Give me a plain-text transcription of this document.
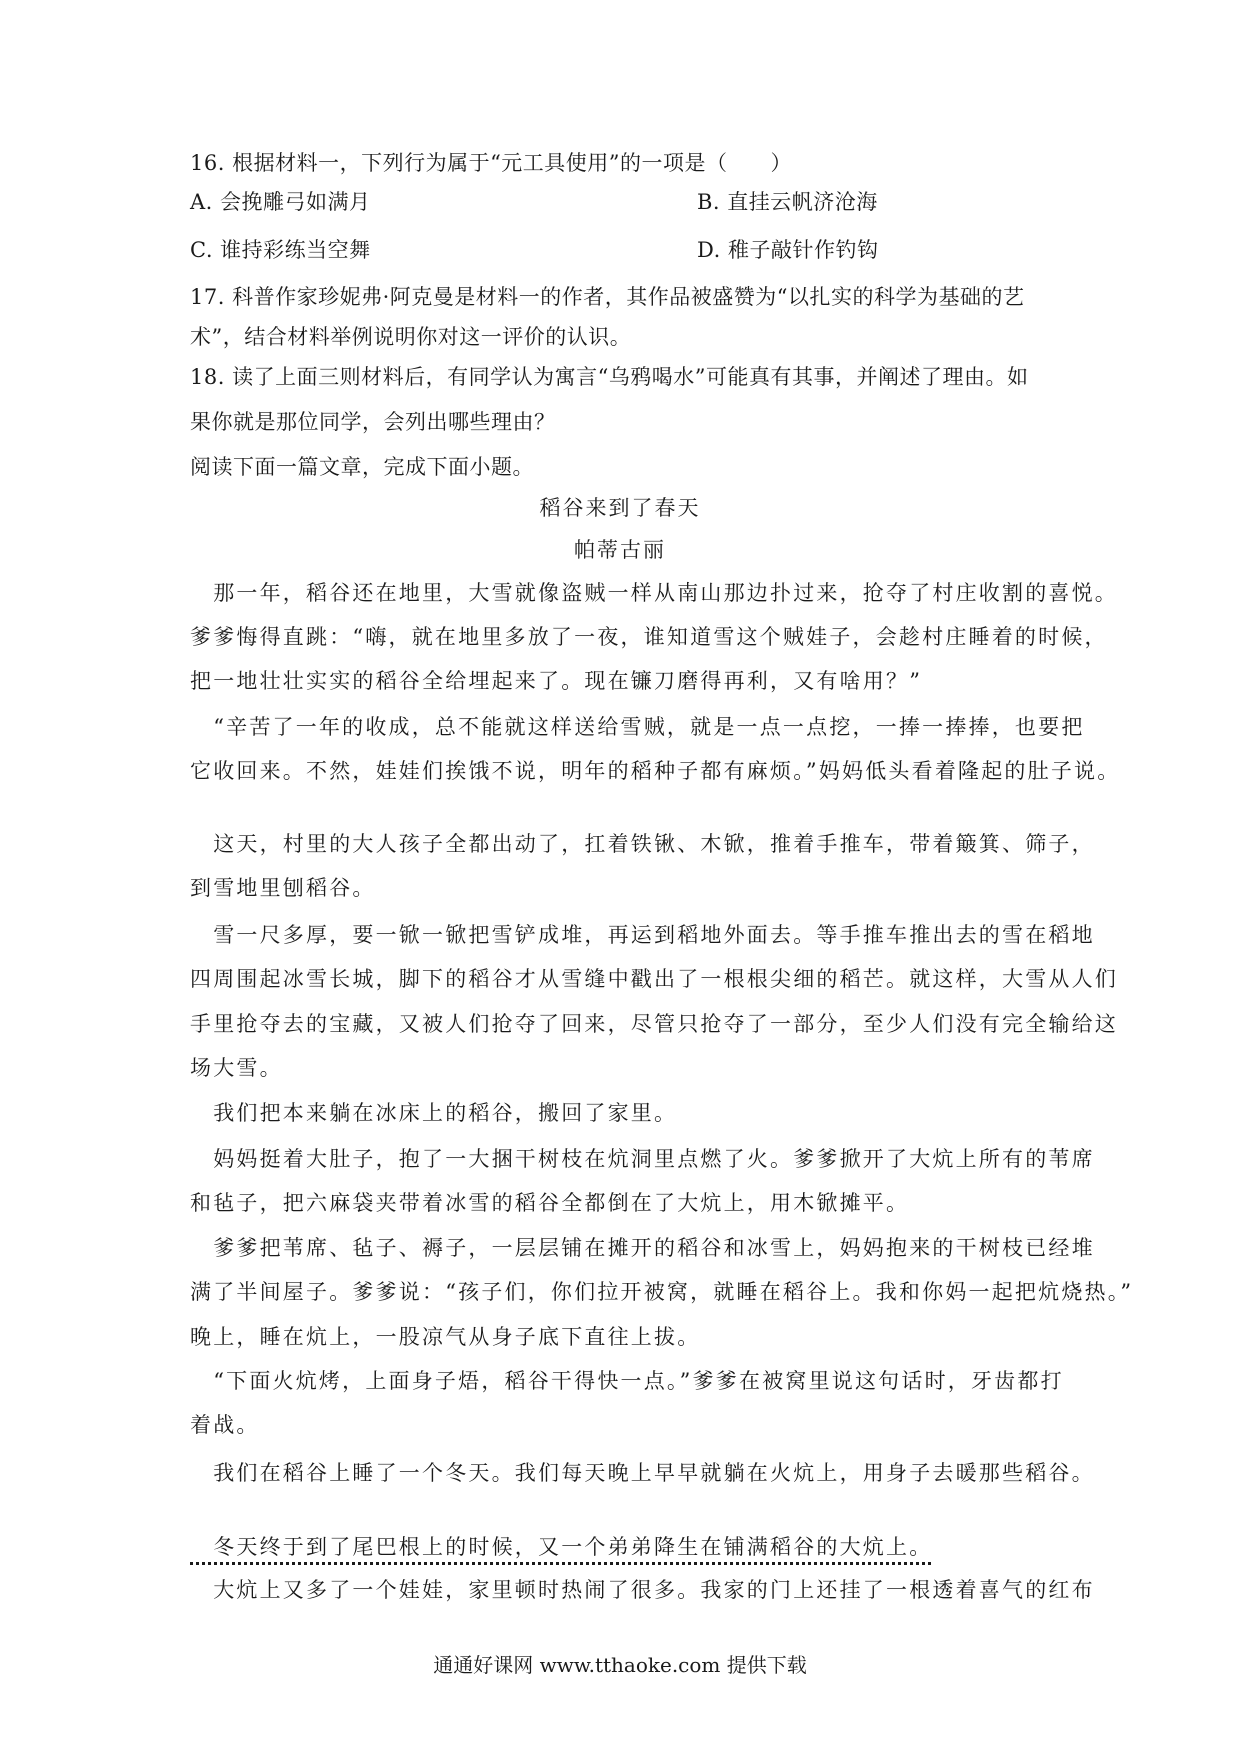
16. 根据材料一，下列行为属于“元工具使用”的一项是（　　）
A. 会挽雕弓如满月	B. 直挂云帆济沧海
C. 谁持彩练当空舞	D. 稚子敲针作钓钩
17. 科普作家珍妮弗·阿克曼是材料一的作者，其作品被盛赞为“以扎实的科学为基础的艺
术”，结合材料举例说明你对这一评价的认识。
18. 读了上面三则材料后，有同学认为寓言“乌鸦喝水”可能真有其事，并阐述了理由。如
果你就是那位同学，会列出哪些理由？
阅读下面一篇文章，完成下面小题。
稻谷来到了春天
帕蒂古丽
　那一年，稻谷还在地里，大雪就像盗贼一样从南山那边扑过来，抢夺了村庄收割的喜悦。
爹爹悔得直跳：“嗨，就在地里多放了一夜，谁知道雪这个贼娃子，会趁村庄睡着的时候，
把一地壮壮实实的稻谷全给埋起来了。现在镰刀磨得再利，又有啥用？”
　“辛苦了一年的收成，总不能就这样送给雪贼，就是一点一点挖，一捧一捧捧，也要把
它收回来。不然，娃娃们挨饿不说，明年的稻种子都有麻烦。”妈妈低头看着隆起的肚子说。
　这天，村里的大人孩子全都出动了，扛着铁锹、木锨，推着手推车，带着簸箕、筛子，
到雪地里刨稻谷。
　雪一尺多厚，要一锨一锨把雪铲成堆，再运到稻地外面去。等手推车推出去的雪在稻地
四周围起冰雪长城，脚下的稻谷才从雪缝中戳出了一根根尖细的稻芒。就这样，大雪从人们
手里抢夺去的宝藏，又被人们抢夺了回来，尽管只抢夺了一部分，至少人们没有完全输给这
场大雪。
　我们把本来躺在冰床上的稻谷，搬回了家里。
　妈妈挺着大肚子，抱了一大捆干树枝在炕洞里点燃了火。爹爹掀开了大炕上所有的苇席
和毡子，把六麻袋夹带着冰雪的稻谷全都倒在了大炕上，用木锨摊平。
　爹爹把苇席、毡子、褥子，一层层铺在摊开的稻谷和冰雪上，妈妈抱来的干树枝已经堆
满了半间屋子。爹爹说：“孩子们，你们拉开被窝，就睡在稻谷上。我和你妈一起把炕烧热。”
晚上，睡在炕上，一股凉气从身子底下直往上拔。
　“下面火炕烤，上面身子焐，稻谷干得快一点。”爹爹在被窝里说这句话时，牙齿都打
着战。
　我们在稻谷上睡了一个冬天。我们每天晚上早早就躺在火炕上，用身子去暖那些稻谷。
　冬天终于到了尾巴根上的时候，又一个弟弟降生在铺满稻谷的大炕上。
　大炕上又多了一个娃娃，家里顿时热闹了很多。我家的门上还挂了一根透着喜气的红布
通通好课网 www.tthaoke.com 提供下载
